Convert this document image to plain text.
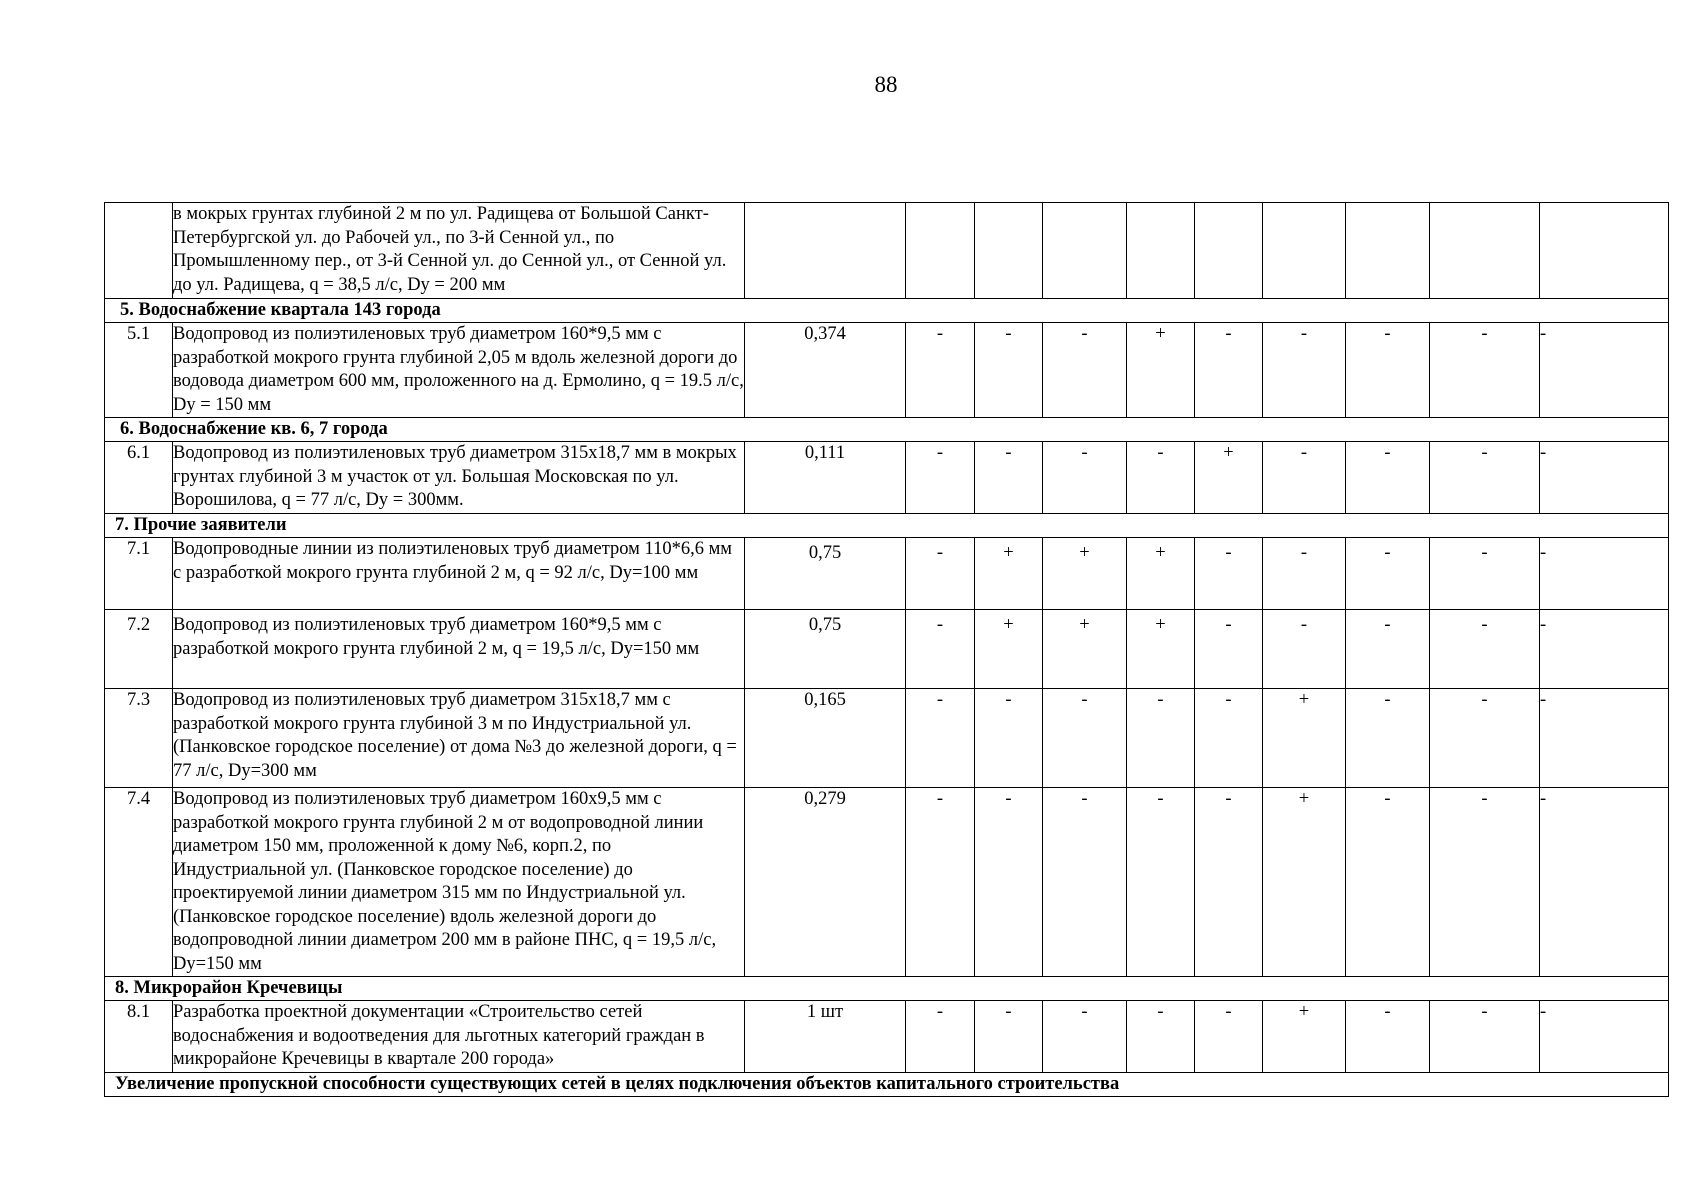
88
	в мокрых грунтах глубиной 2 м по ул. Радищева от Большой Санкт-Петербургской ул. до Рабочей ул., по 3-й Сенной ул., по Промышленному пер., от 3-й Сенной ул. до Сенной ул., от Сенной ул. до ул. Радищева, q = 38,5 л/с, Dу = 200 мм										
5. Водоснабжение квартала 143 города											
5.1	Водопровод из полиэтиленовых труб диаметром 160*9,5 мм с разработкой мокрого грунта глубиной 2,05 м вдоль железной дороги до водовода диаметром 600 мм, проложенного на д. Ермолино, q = 19.5 л/с, Dу = 150 мм	0,374	-	-	-	+	-	-	-	-	-
6. Водоснабжение кв. 6, 7 города											
6.1	Водопровод из полиэтиленовых труб диаметром 315х18,7 мм в мокрых грунтах глубиной 3 м участок от ул. Большая Московская по ул. Ворошилова, q = 77 л/с, Dу = 300мм.	0,111	-	-	-	-	+	-	-	-	-
7. Прочие заявители											
7.1	Водопроводные линии из полиэтиленовых труб диаметром 110*6,6 мм с разработкой мокрого грунта глубиной 2 м, q = 92 л/с, Dу=100 мм	0,75	-	+	+	+	-	-	-	-	-
7.2	Водопровод из полиэтиленовых труб диаметром 160*9,5 мм с разработкой мокрого грунта глубиной 2 м, q = 19,5 л/с, Dу=150 мм	0,75	-	+	+	+	-	-	-	-	-
7.3	Водопровод из полиэтиленовых труб диаметром 315х18,7 мм с разработкой мокрого грунта глубиной 3 м по Индустриальной ул. (Панковское городское поселение) от дома №3 до железной дороги, q = 77 л/с, Dу=300 мм	0,165	-	-	-	-	-	+	-	-	-
7.4	Водопровод из полиэтиленовых труб диаметром 160х9,5 мм с разработкой мокрого грунта глубиной 2 м от водопроводной линии диаметром 150 мм, проложенной к дому №6, корп.2, по Индустриальной ул. (Панковское городское поселение) до проектируемой линии диаметром 315 мм по Индустриальной ул. (Панковское городское поселение) вдоль железной дороги до водопроводной линии диаметром 200 мм в районе ПНС, q = 19,5 л/с, Dу=150 мм	0,279	-	-	-	-	-	+	-	-	-
8. Микрорайон Кречевицы											
8.1	Разработка проектной документации «Строительство сетей водоснабжения и водоотведения для льготных категорий граждан в микрорайоне Кречевицы в квартале 200 города»	1 шт	-	-	-	-	-	+	-	-	-
Увеличение пропускной способности существующих сетей в целях подключения объектов капитального строительства											
